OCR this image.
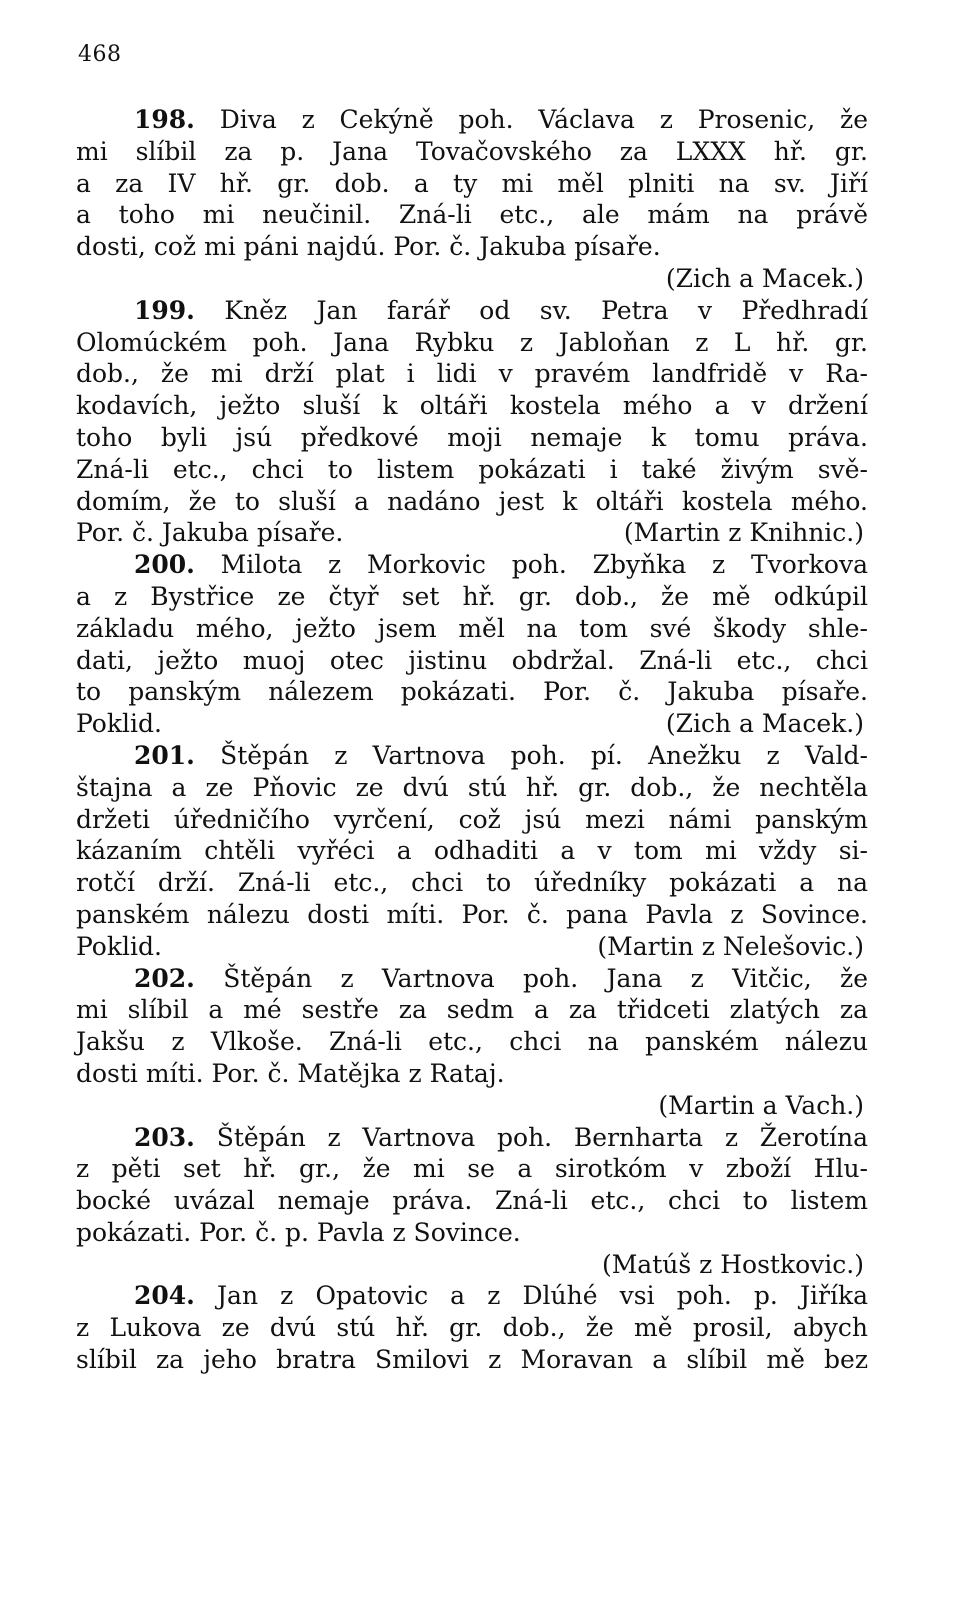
468
198. Diva z Cekýně poh. Václava z Prosenic, že
mi slíbil za p. Jana Tovačovského za LXXX hř. gr.
a za IV hř. gr. dob. a ty mi měl plniti na sv. Jiří
a toho mi neučinil. Zná-li etc., ale mám na právě
dosti, což mi páni najdú. Por. č. Jakuba písaře.
(Zich a Macek.)
199. Kněz Jan farář od sv. Petra v Předhradí
Olomúckém poh. Jana Rybku z Jabloňan z L hř. gr.
dob., že mi drží plat i lidi v pravém landfridě v Ra-
kodavích, ježto sluší k oltáři kostela mého a v držení
toho byli jsú předkové moji nemaje k tomu práva.
Zná-li etc., chci to listem pokázati i také živým svě-
domím, že to sluší a nadáno jest k oltáři kostela mého.
Por. č. Jakuba písaře.	(Martin z Knihnic.)
200. Milota z Morkovic poh. Zbyňka z Tvorkova
a z Bystřice ze čtyř set hř. gr. dob., že mě odkúpil
základu mého, ježto jsem měl na tom své škody shle-
dati, ježto muoj otec jistinu obdržal. Zná-li etc., chci
to panským nálezem pokázati. Por. č. Jakuba písaře.
Poklid.	(Zich a Macek.)
201. Štěpán z Vartnova poh. pí. Anežku z Vald-
štajna a ze Pňovic ze dvú stú hř. gr. dob., že nechtěla
držeti úředničího vyrčení, což jsú mezi námi panským
kázaním chtěli vyřéci a odhaditi a v tom mi vždy si-
rotčí drží. Zná-li etc., chci to úředníky pokázati a na
panském nálezu dosti míti. Por. č. pana Pavla z Sovince.
Poklid.	(Martin z Nelešovic.)
202. Štěpán z Vartnova poh. Jana z Vitčic, že
mi slíbil a mé sestře za sedm a za třidceti zlatých za
Jakšu z Vlkoše. Zná-li etc., chci na panském nálezu
dosti míti. Por. č. Matějka z Rataj.
(Martin a Vach.)
203. Štěpán z Vartnova poh. Bernharta z Žerotína
z pěti set hř. gr., že mi se a sirotkóm v zboží Hlu-
bocké uvázal nemaje práva. Zná-li etc., chci to listem
pokázati. Por. č. p. Pavla z Sovince.
(Matúš z Hostkovic.)
204. Jan z Opatovic a z Dlúhé vsi poh. p. Jiříka
z Lukova ze dvú stú hř. gr. dob., že mě prosil, abych
slíbil za jeho bratra Smilovi z Moravan a slíbil mě bez
